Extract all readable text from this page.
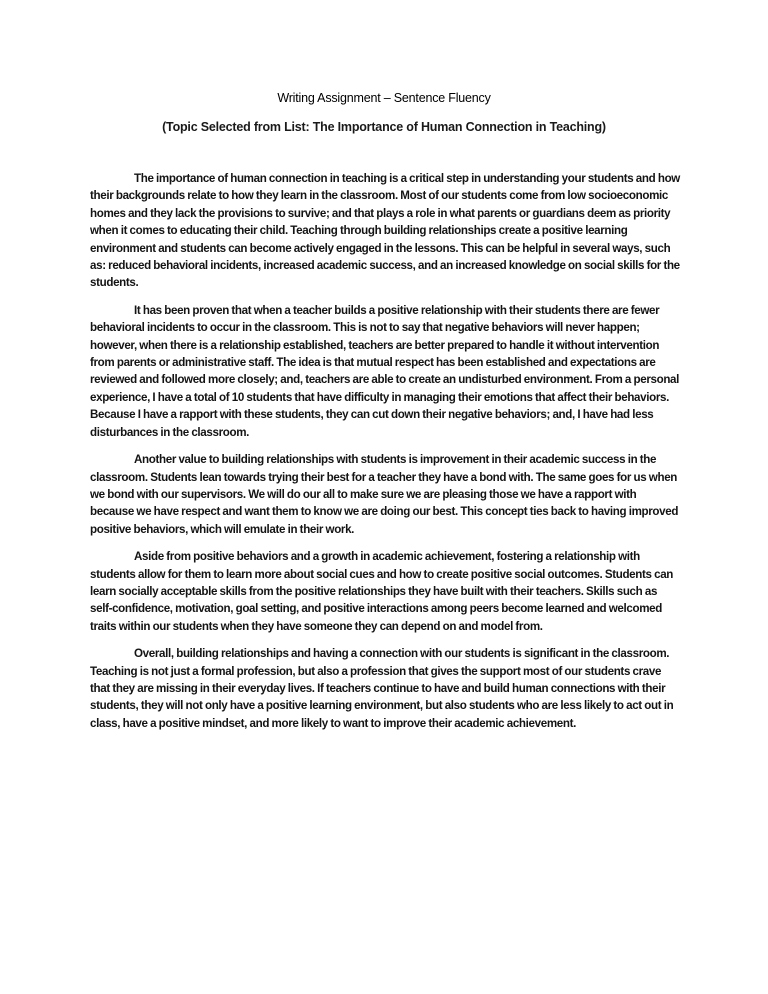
Writing Assignment – Sentence Fluency
(Topic Selected from List: The Importance of Human Connection in Teaching)

The importance of human connection in teaching is a critical step in understanding your students and how their backgrounds relate to how they learn in the classroom. Most of our students come from low socioeconomic homes and they lack the provisions to survive; and that plays a role in what parents or guardians deem as priority when it comes to educating their child. Teaching through building relationships create a positive learning environment and students can become actively engaged in the lessons. This can be helpful in several ways, such as: reduced behavioral incidents, increased academic success, and an increased knowledge on social skills for the students.

It has been proven that when a teacher builds a positive relationship with their students there are fewer behavioral incidents to occur in the classroom. This is not to say that negative behaviors will never happen; however, when there is a relationship established, teachers are better prepared to handle it without intervention from parents or administrative staff. The idea is that mutual respect has been established and expectations are reviewed and followed more closely; and, teachers are able to create an undisturbed environment. From a personal experience, I have a total of 10 students that have difficulty in managing their emotions that affect their behaviors. Because I have a rapport with these students, they can cut down their negative behaviors; and, I have had less disturbances in the classroom.

Another value to building relationships with students is improvement in their academic success in the classroom. Students lean towards trying their best for a teacher they have a bond with. The same goes for us when we bond with our supervisors. We will do our all to make sure we are pleasing those we have a rapport with because we have respect and want them to know we are doing our best. This concept ties back to having improved positive behaviors, which will emulate in their work.

Aside from positive behaviors and a growth in academic achievement, fostering a relationship with students allow for them to learn more about social cues and how to create positive social outcomes. Students can learn socially acceptable skills from the positive relationships they have built with their teachers. Skills such as self-confidence, motivation, goal setting, and positive interactions among peers become learned and welcomed traits within our students when they have someone they can depend on and model from.

Overall, building relationships and having a connection with our students is significant in the classroom. Teaching is not just a formal profession, but also a profession that gives the support most of our students crave that they are missing in their everyday lives. If teachers continue to have and build human connections with their students, they will not only have a positive learning environment, but also students who are less likely to act out in class, have a positive mindset, and more likely to want to improve their academic achievement.
